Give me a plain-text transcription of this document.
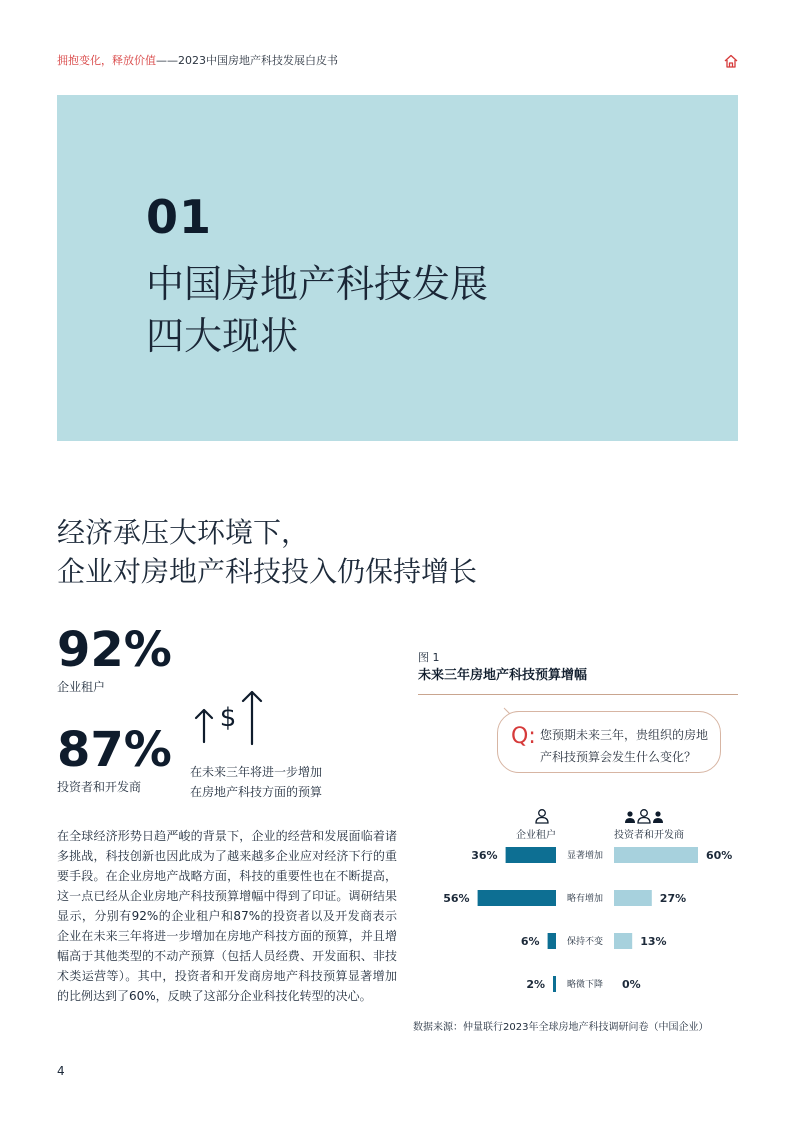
拥抱变化，释放价值——2023中国房地产科技发展白皮书
01
中国房地产科技发展
四大现状
经济承压大环境下，
企业对房地产科技投入仍保持增长
92%
企业租户
87%
投资者和开发商
$
在未来三年将进一步增加
在房地产科技方面的预算

在全球经济形势日趋严峻的背景下，企业的经营和发展面临着诸多挑战，科技创新也因此成为了越来越多企业应对经济下行的重要手段。在企业房地产战略方面，科技的重要性也在不断提高，这一点已经从企业房地产科技预算增幅中得到了印证。调研结果显示，分别有92%的企业租户和87%的投资者以及开发商表示企业在未来三年将进一步增加在房地产科技方面的预算，并且增幅高于其他类型的不动产预算（包括人员经费、开发面积、非技术类运营等）。其中，投资者和开发商房地产科技预算显著增加的比例达到了60%，反映了这部分企业科技化转型的决心。

4
图 1
未来三年房地产科技预算增幅
Q: 您预期未来三年，贵组织的房地
产科技预算会发生什么变化？
企业租户	投资者和开发商
36%	显著增加	60%
56%	略有增加	27%
6%	保持不变	13%
2% 略微下降 0%
数据来源：仲量联行2023年全球房地产科技调研问卷（中国企业）
